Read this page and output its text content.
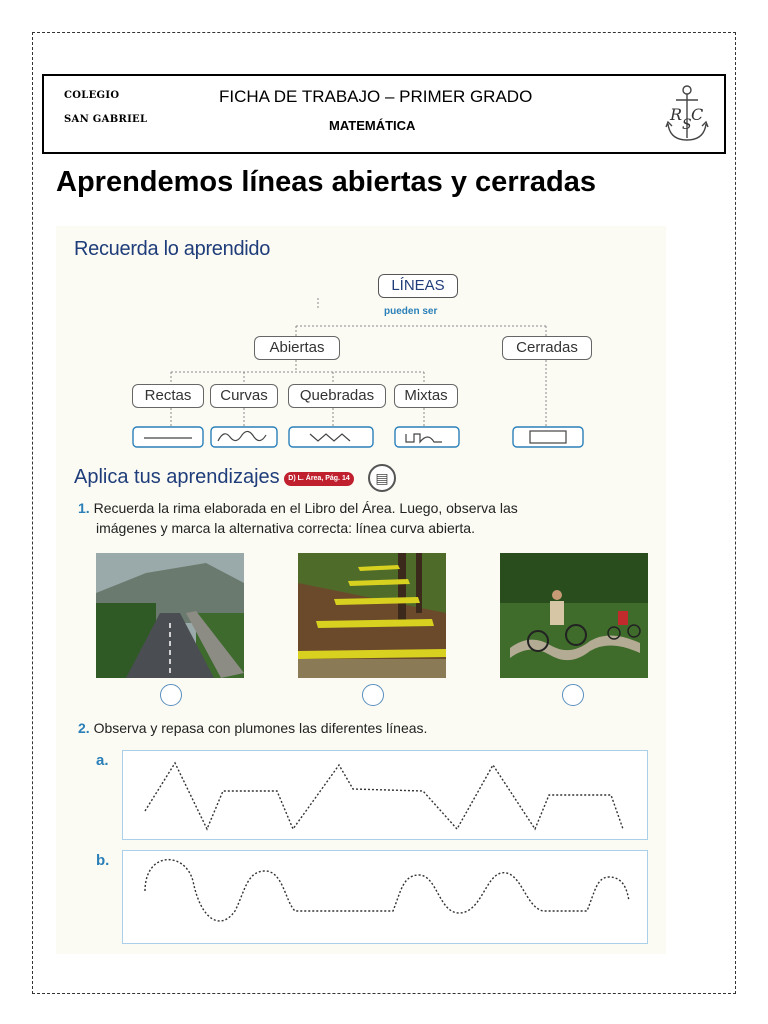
COLEGIO
SAN GABRIEL
FICHA DE TRABAJO – PRIMER GRADO
MATEMÁTICA
R C
S
Aprendemos líneas abiertas y cerradas
Recuerda lo aprendido
LÍNEAS
pueden ser
Abiertas	Cerradas
Rectas	Curvas	Quebradas	Mixtas
Aplica tus aprendizajes	D) L. Área, Pág. 14	▤
1. Recuerda la rima elaborada en el Libro del Área. Luego, observa las
imágenes y marca la alternativa correcta: línea curva abierta.
2. Observa y repasa con plumones las diferentes líneas.
a.
b.
